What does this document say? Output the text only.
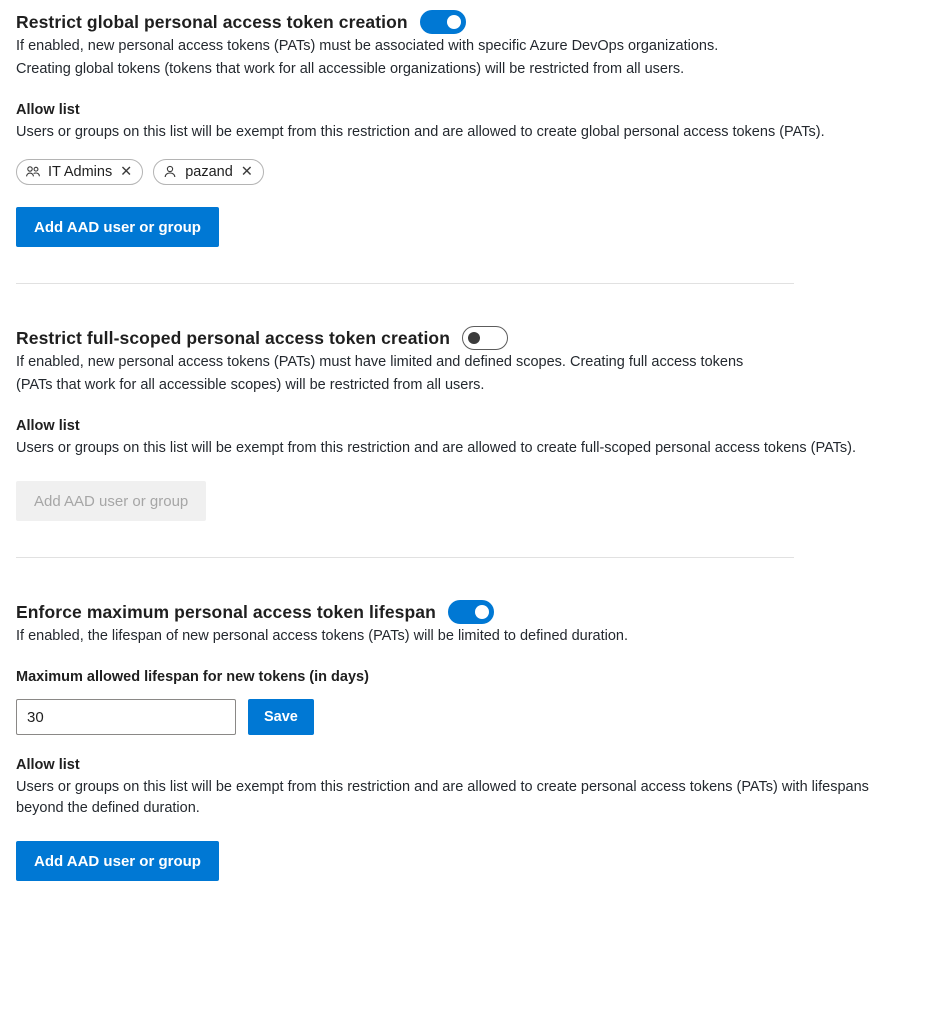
Restrict global personal access token creation
If enabled, new personal access tokens (PATs) must be associated with specific Azure DevOps organizations.
Creating global tokens (tokens that work for all accessible organizations) will be restricted from all users.
Allow list
Users or groups on this list will be exempt from this restriction and are allowed to create global personal access tokens (PATs).
IT Admins ✕	pazand ✕
Add AAD user or group
Restrict full-scoped personal access token creation
If enabled, new personal access tokens (PATs) must have limited and defined scopes. Creating full access tokens
(PATs that work for all accessible scopes) will be restricted from all users.
Allow list
Users or groups on this list will be exempt from this restriction and are allowed to create full-scoped personal access tokens (PATs).
Add AAD user or group
Enforce maximum personal access token lifespan
If enabled, the lifespan of new personal access tokens (PATs) will be limited to defined duration.
Maximum allowed lifespan for new tokens (in days)
30
Save
Allow list
Users or groups on this list will be exempt from this restriction and are allowed to create personal access tokens (PATs) with lifespans beyond the defined duration.
Add AAD user or group
